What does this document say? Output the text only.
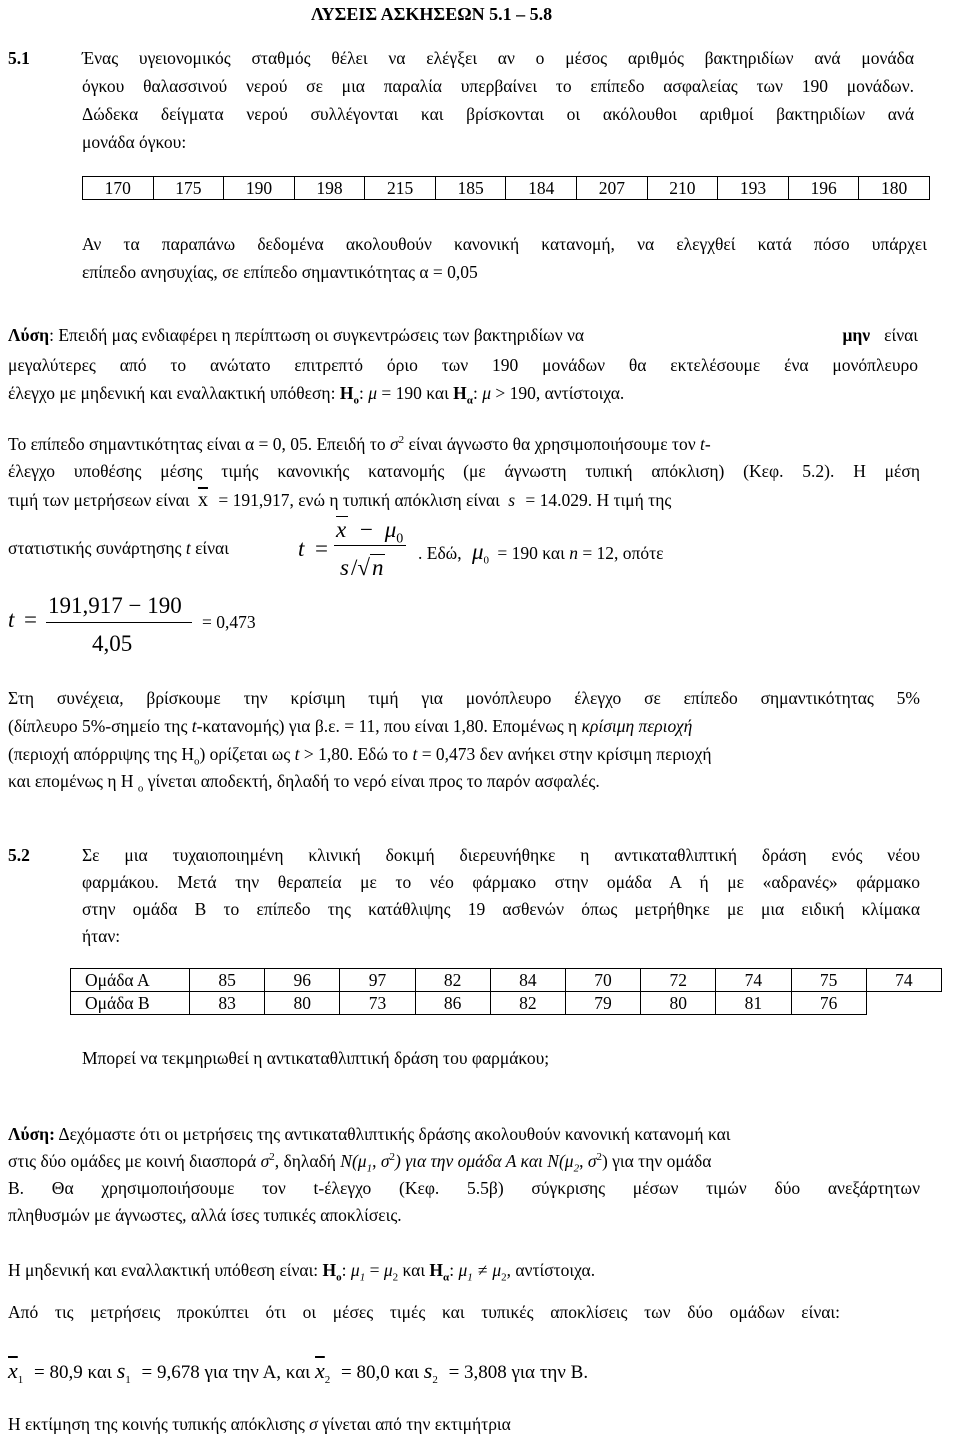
ΛΥΣΕΙΣ ΑΣΚΗΣΕΩΝ 5.1 – 5.8
5.1	Ένας υγειονομικός σταθμός θέλει να ελέγξει αν ο μέσος αριθμός βακτηριδίων ανά μονάδα
όγκου θαλασσινού νερού σε μια παραλία υπερβαίνει το επίπεδο ασφαλείας των 190 μονάδων.
Δώδεκα δείγματα νερού συλλέγονται και βρίσκονται οι ακόλουθοι αριθμοί βακτηριδίων ανά
μονάδα όγκου:
170	175	190	198	215	185	184	207	210	193	196	180
Αν τα παραπάνω δεδομένα ακολουθούν κανονική κατανομή, να ελεγχθεί κατά πόσο υπάρχει
επίπεδο ανησυχίας, σε επίπεδο σημαντικότητας α = 0,05
Λύση: Επειδή μας ενδιαφέρει η περίπτωση οι συγκεντρώσεις των βακτηριδίων να	μην είναι
μεγαλύτερες από το ανώτατο επιτρεπτό όριο των 190 μονάδων θα εκτελέσουμε ένα μονόπλευρο
έλεγχο με μηδενική και εναλλακτική υπόθεση: $H_o$: μ = 190 και $H_\alpha$: μ > 190, αντίστοιχα.
Το επίπεδο σημαντικότητας είναι α = 0, 05. Επειδή το $\sigma^2$ είναι άγνωστο θα χρησιμοποιήσουμε τον t-
έλεγχο υποθέσης μέσης τιμής κανονικής κατανομής (με άγνωστη τυπική απόκλιση) (Κεφ. 5.2). Η μέση
τιμή των μετρήσεων είναι $\overline{x} = 191,917$, ενώ η τυπική απόκλιση είναι s = 14.029. Η τιμή της
στατιστικής συνάρτησης t είναι	t =
$x - \mu_0$
s/√n
. Εδώ, $\mu_0 = 190$ και n = 12, οπότε
t =
191,917 − 190
4,05
= 0,473
Στη συνέχεια, βρίσκουμε την κρίσιμη τιμή για μονόπλευρο έλεγχο σε επίπεδο σημαντικότητας 5%
(δίπλευρο 5%-σημείο της t-κατανομής) για β.ε. = 11, που είναι 1,80. Επομένως η κρίσιμη περιοχή
(περιοχή απόρριψης της $H_o$) ορίζεται ως t > 1,80. Εδώ το t = 0,473 δεν ανήκει στην κρίσιμη περιοχή
και επομένως η Η $_o$ γίνεται αποδεκτή, δηλαδή το νερό είναι προς το παρόν ασφαλές.
5.2	Σε μια τυχαιοποιημένη κλινική δοκιμή διερευνήθηκε η αντικαταθλιπτική δράση ενός νέου
φαρμάκου. Μετά την θεραπεία με το νέο φάρμακο στην ομάδα Α ή με «αδρανές» φάρμακο
στην ομάδα Β το επίπεδο της κατάθλιψης 19 ασθενών όπως μετρήθηκε με μια ειδική κλίμακα
ήταν:
Ομάδα Α	85	96	97	82	84	70	72	74	75	74
Ομάδα Β	83	80	73	86	82	79	80	81	76	
Μπορεί να τεκμηριωθεί η αντικαταθλιπτική δράση του φαρμάκου;
Λύση: Δεχόμαστε ότι οι μετρήσεις της αντικαταθλιπτικής δράσης ακολουθούν κανονική κατανομή και
στις δύο ομάδες με κοινή διασπορά $\sigma^2$, δηλαδή $N(\mu_1$, $\sigma^2$) για την ομάδα Α και $N(\mu_2$, $\sigma^2$) για την ομάδα
Β. Θα χρησιμοποιήσουμε τον t-έλεγχο (Κεφ. 5.5β) σύγκρισης μέσων τιμών δύο ανεξάρτητων
πληθυσμών με άγνωστες, αλλά ίσες τυπικές αποκλίσεις.
Η μηδενική και εναλλακτική υπόθεση είναι: $H_o$: $\mu_1 = \mu_2$ και $H_\alpha$: $\mu_1 \ne \mu_2$, αντίστοιχα.
Από τις μετρήσεις προκύπτει ότι οι μέσες τιμές και τυπικές αποκλίσεις των δύο ομάδων είναι:
$\overline{x}_1 = 80,9$ και $s_1 = 9,678$ για την Α, και $\overline{x}_2 = 80,0$ και $s_2 = 3,808$ για την Β.
Η εκτίμηση της κοινής τυπικής απόκλισης σ γίνεται από την εκτιμήτρια
